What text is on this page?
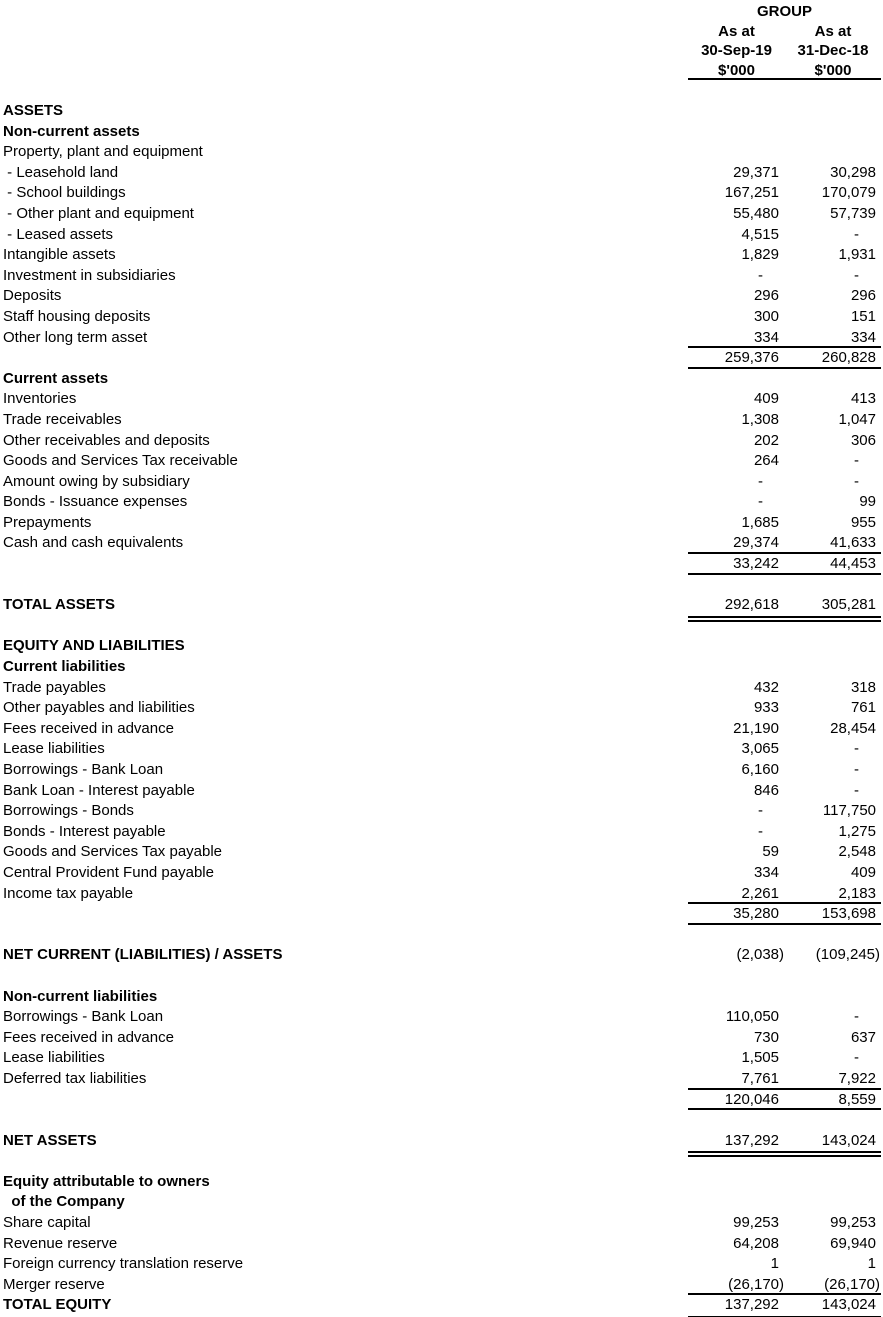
GROUP
As at	As at
30-Sep-19	31-Dec-18
$'000	$'000
ASSETS
Non-current assets
Property, plant and equipment
- Leasehold land	29,371	30,298
- School buildings	167,251	170,079
- Other plant and equipment	55,480	57,739
- Leased assets	4,515	-
Intangible assets	1,829	1,931
Investment in subsidiaries	-	-
Deposits	296	296
Staff housing deposits	300	151
Other long term asset	334	334
259,376	260,828
Current assets
Inventories	409	413
Trade receivables	1,308	1,047
Other receivables and deposits	202	306
Goods and Services Tax receivable	264	-
Amount owing by subsidiary	-	-
Bonds - Issuance expenses	-	99
Prepayments	1,685	955
Cash and cash equivalents	29,374	41,633
33,242	44,453
TOTAL ASSETS	292,618	305,281
EQUITY AND LIABILITIES
Current liabilities
Trade payables	432	318
Other payables and liabilities	933	761
Fees received in advance	21,190	28,454
Lease liabilities	3,065	-
Borrowings - Bank Loan	6,160	-
Bank Loan - Interest payable	846	-
Borrowings - Bonds	-	117,750
Bonds - Interest payable	-	1,275
Goods and Services Tax payable	59	2,548
Central Provident Fund payable	334	409
Income tax payable	2,261	2,183
35,280	153,698
NET CURRENT (LIABILITIES) / ASSETS	(2,038)	(109,245)
Non-current liabilities
Borrowings - Bank Loan	110,050	-
Fees received in advance	730	637
Lease liabilities	1,505	-
Deferred tax liabilities	7,761	7,922
120,046	8,559
NET ASSETS	137,292	143,024
Equity attributable to owners
of the Company
Share capital	99,253	99,253
Revenue reserve	64,208	69,940
Foreign currency translation reserve	1	1
Merger reserve	(26,170)	(26,170)
TOTAL EQUITY	137,292	143,024
